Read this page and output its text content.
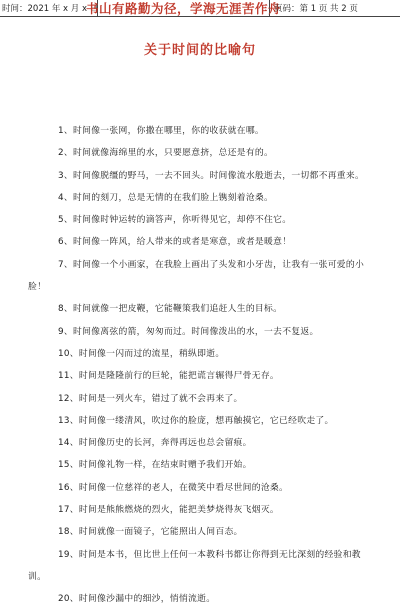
时间：2021 年 x 月 x 日
书山有路勤为径，学海无涯苦作舟
页码：第 1 页 共 2 页
关于时间的比喻句

1、时间像一张网，你撒在哪里，你的收获就在哪。

2、时间就像海绵里的水，只要愿意挤，总还是有的。

3、时间像脱缰的野马，一去不回头。时间像流水般逝去，一切都不再重来。

4、时间的刻刀，总是无情的在我们脸上镌刻着沧桑。

5、时间像时钟运转的滴答声，你听得见它，却停不住它。

6、时间像一阵风，给人带来的或者是寒意，或者是暖意！

7、时间像一个小画家，在我脸上画出了头发和小牙齿，让我有一张可爱的小脸！

8、时间就像一把皮鞭，它能鞭策我们追赶人生的目标。

9、时间像离弦的箭，匆匆而过。时间像泼出的水，一去不复返。

10、时间像一闪而过的流星，稍纵即逝。

11、时间是隆隆前行的巨轮，能把谎言辗得尸骨无存。

12、时间是一列火车，错过了就不会再来了。

13、时间像一缕清风，吹过你的脸庞，想再触摸它，它已经吹走了。

14、时间像历史的长河，奔得再远也总会留痕。

15、时间像礼物一样，在结束时赠予我们开始。

16、时间像一位慈祥的老人，在微笑中看尽世间的沧桑。

17、时间是熊熊燃烧的烈火，能把美梦烧得灰飞烟灭。

18、时间就像一面镜子，它能照出人间百态。

19、时间是本书，但比世上任何一本教科书都让你得到无比深刻的经验和教训。

20、时间像沙漏中的细沙，悄悄流逝。
